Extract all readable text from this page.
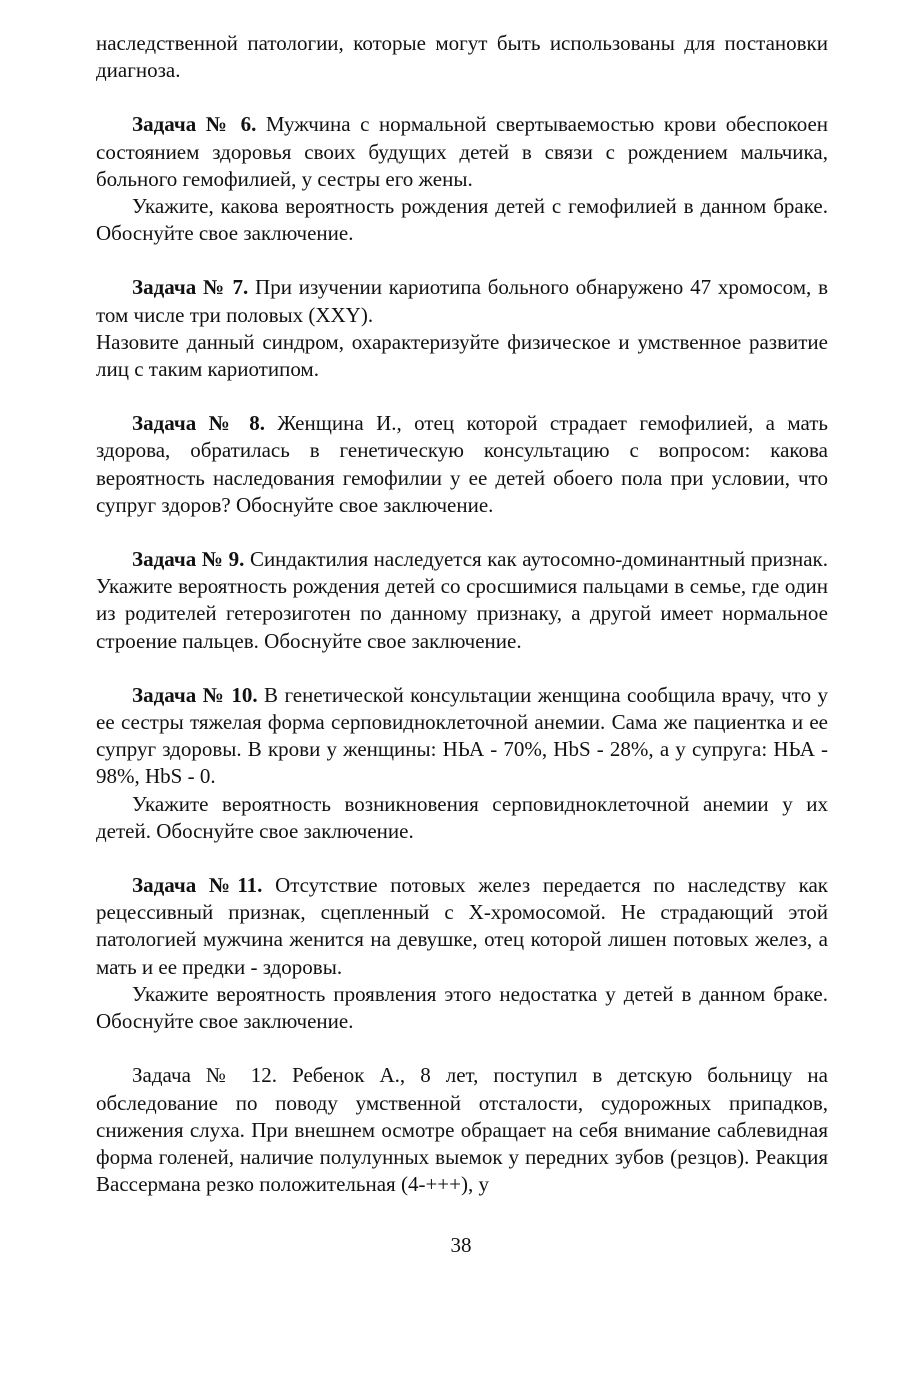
наследственной патологии, которые могут быть использованы для постановки диагноза.

Задача № 6. Мужчина с нормальной свертываемостью крови обеспокоен состоянием здоровья своих будущих детей в связи с рождением мальчика, больного гемофилией, у сестры его жены.

Укажите, какова вероятность рождения детей с гемофилией в данном браке. Обоснуйте свое заключение.

Задача № 7. При изучении кариотипа больного обнаружено 47 хромосом, в том числе три половых (XXY).

Назовите данный синдром, охарактеризуйте физическое и умственное развитие лиц с таким кариотипом.

Задача № 8. Женщина И., отец которой страдает гемофилией, а мать здорова, обратилась в генетическую консультацию с вопросом: какова вероятность наследования гемофилии у ее детей обоего пола при условии, что супруг здоров? Обоснуйте свое заключение.

Задача № 9. Синдактилия наследуется как аутосомно-доминантный признак. Укажите вероятность рождения детей со сросшимися пальцами в семье, где один из родителей гетерозиготен по данному признаку, а другой имеет нормальное строение пальцев. Обоснуйте свое заключение.

Задача № 10. В генетической консультации женщина сообщила врачу, что у ее сестры тяжелая форма серповидноклеточной анемии. Сама же пациентка и ее супруг здоровы. В крови у женщины: НЬА - 70%, HbS - 28%, а у супруга: НЬА - 98%, HbS - 0.

Укажите вероятность возникновения серповидноклеточной анемии у их детей. Обоснуйте свое заключение.

Задача №11. Отсутствие потовых желез передается по наследству как рецессивный признак, сцепленный с Х-хромосомой. Не страдающий этой патологией мужчина женится на девушке, отец которой лишен потовых желез, а мать и ее предки - здоровы.

Укажите вероятность проявления этого недостатка у детей в данном браке. Обоснуйте свое заключение.

Задача № 12. Ребенок А., 8 лет, поступил в детскую больницу на обследование по поводу умственной отсталости, судорожных припадков, снижения слуха. При внешнем осмотре обращает на себя внимание саблевидная форма голеней, наличие полулунных выемок у передних зубов (резцов). Реакция Вассермана резко положительная (4-+++), у

38
